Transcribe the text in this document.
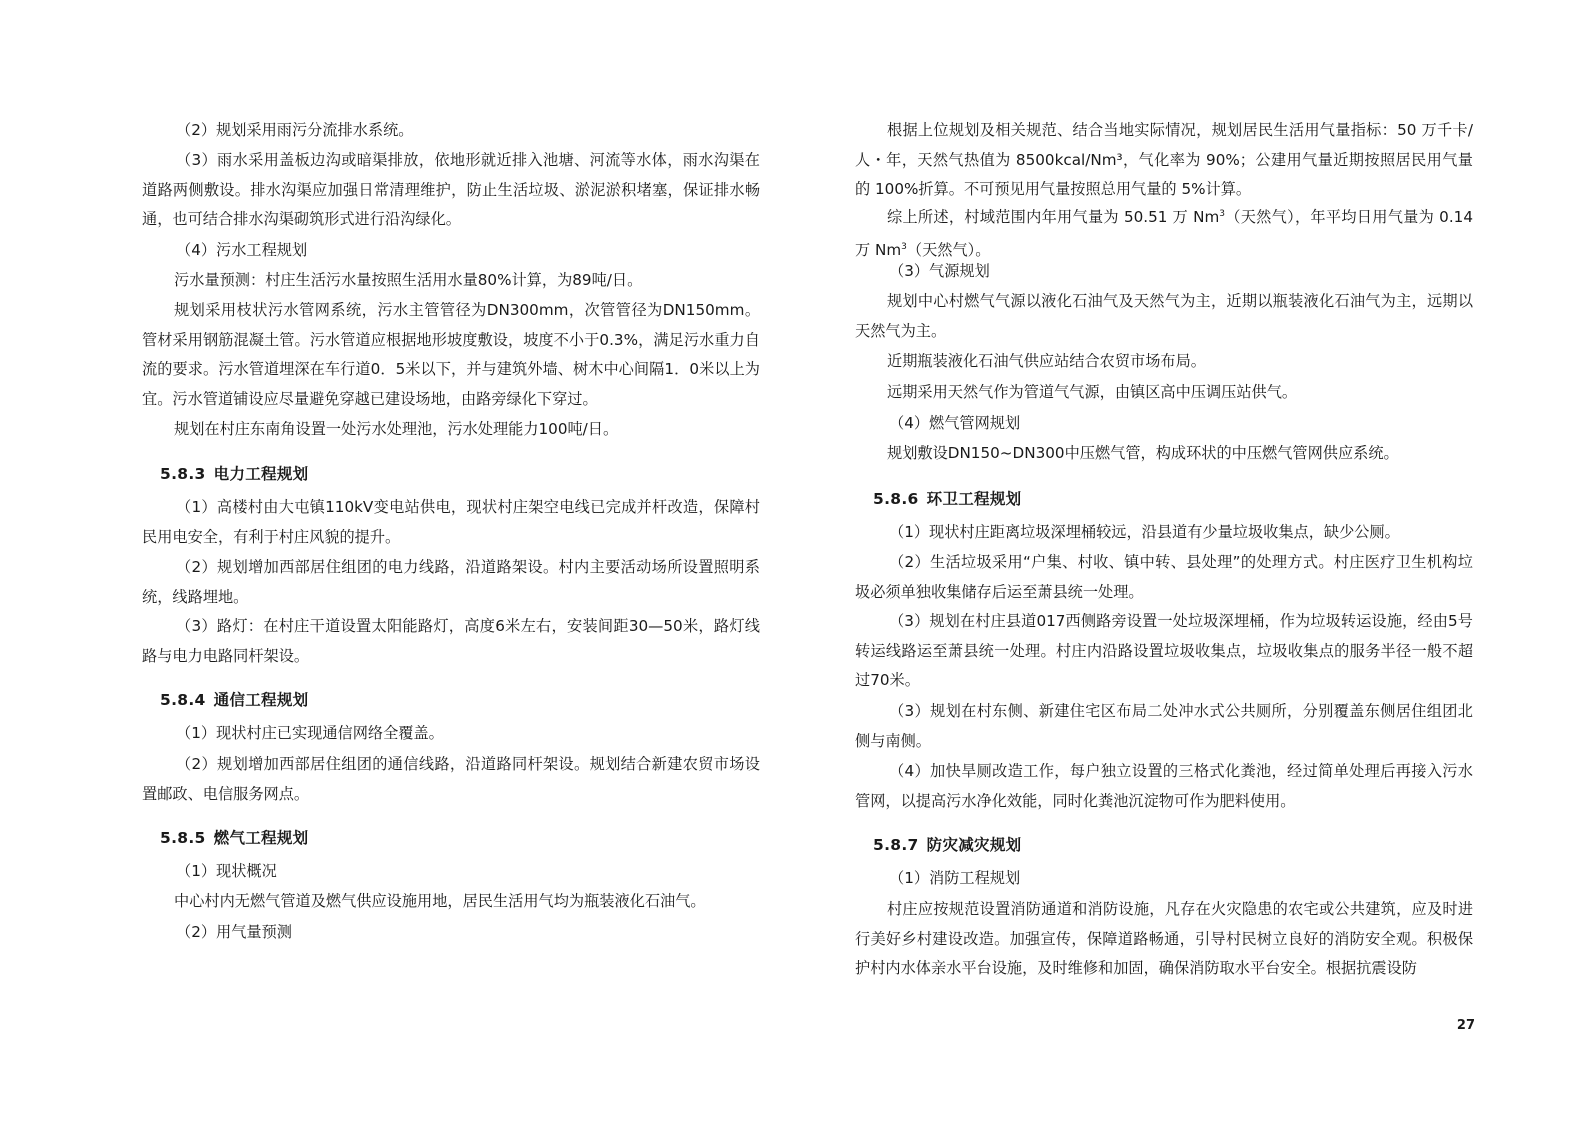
（2）规划采用雨污分流排水系统。
（3）雨水采用盖板边沟或暗渠排放，依地形就近排入池塘、河流等水体，雨水沟渠在道路两侧敷设。排水沟渠应加强日常清理维护，防止生活垃圾、淤泥淤积堵塞，保证排水畅通，也可结合排水沟渠砌筑形式进行沿沟绿化。
（4）污水工程规划
污水量预测：村庄生活污水量按照生活用水量80%计算，为89吨/日。
规划采用枝状污水管网系统，污水主管管径为DN300mm，次管管径为DN150mm。管材采用钢筋混凝土管。污水管道应根据地形坡度敷设，坡度不小于0.3%，满足污水重力自流的要求。污水管道埋深在车行道0．5米以下，并与建筑外墙、树木中心间隔1．0米以上为宜。污水管道铺设应尽量避免穿越已建设场地，由路旁绿化下穿过。
规划在村庄东南角设置一处污水处理池，污水处理能力100吨/日。
5.8.3 电力工程规划
（1）高楼村由大屯镇110kV变电站供电，现状村庄架空电线已完成并杆改造，保障村民用电安全，有利于村庄风貌的提升。
（2）规划增加西部居住组团的电力线路，沿道路架设。村内主要活动场所设置照明系统，线路埋地。
（3）路灯：在村庄干道设置太阳能路灯，高度6米左右，安装间距30—50米，路灯线路与电力电路同杆架设。
5.8.4 通信工程规划
（1）现状村庄已实现通信网络全覆盖。
（2）规划增加西部居住组团的通信线路，沿道路同杆架设。规划结合新建农贸市场设置邮政、电信服务网点。
5.8.5 燃气工程规划
（1）现状概况
中心村内无燃气管道及燃气供应设施用地，居民生活用气均为瓶装液化石油气。
（2）用气量预测
根据上位规划及相关规范、结合当地实际情况，规划居民生活用气量指标：50 万千卡/人・年，天然气热值为 8500kcal/Nm³，气化率为 90%；公建用气量近期按照居民用气量的 100%折算。不可预见用气量按照总用气量的 5%计算。
综上所述，村域范围内年用气量为 50.51 万 Nm$^3$（天然气），年平均日用气量为 0.14 万 Nm$^3$（天然气）。
（3）气源规划
规划中心村燃气气源以液化石油气及天然气为主，近期以瓶装液化石油气为主，远期以天然气为主。
近期瓶装液化石油气供应站结合农贸市场布局。
远期采用天然气作为管道气气源，由镇区高中压调压站供气。
（4）燃气管网规划
规划敷设DN150~DN300中压燃气管，构成环状的中压燃气管网供应系统。
5.8.6 环卫工程规划
（1）现状村庄距离垃圾深埋桶较远，沿县道有少量垃圾收集点，缺少公厕。
（2）生活垃圾采用“户集、村收、镇中转、县处理”的处理方式。村庄医疗卫生机构垃圾必须单独收集储存后运至萧县统一处理。
（3）规划在村庄县道017西侧路旁设置一处垃圾深埋桶，作为垃圾转运设施，经由5号转运线路运至萧县统一处理。村庄内沿路设置垃圾收集点，垃圾收集点的服务半径一般不超过70米。
（3）规划在村东侧、新建住宅区布局二处冲水式公共厕所，分别覆盖东侧居住组团北侧与南侧。
（4）加快旱厕改造工作，每户独立设置的三格式化粪池，经过简单处理后再接入污水管网，以提高污水净化效能，同时化粪池沉淀物可作为肥料使用。
5.8.7 防灾减灾规划
（1）消防工程规划
村庄应按规范设置消防通道和消防设施，凡存在火灾隐患的农宅或公共建筑，应及时进行美好乡村建设改造。加强宣传，保障道路畅通，引导村民树立良好的消防安全观。积极保护村内水体亲水平台设施，及时维修和加固，确保消防取水平台安全。根据抗震设防
27
